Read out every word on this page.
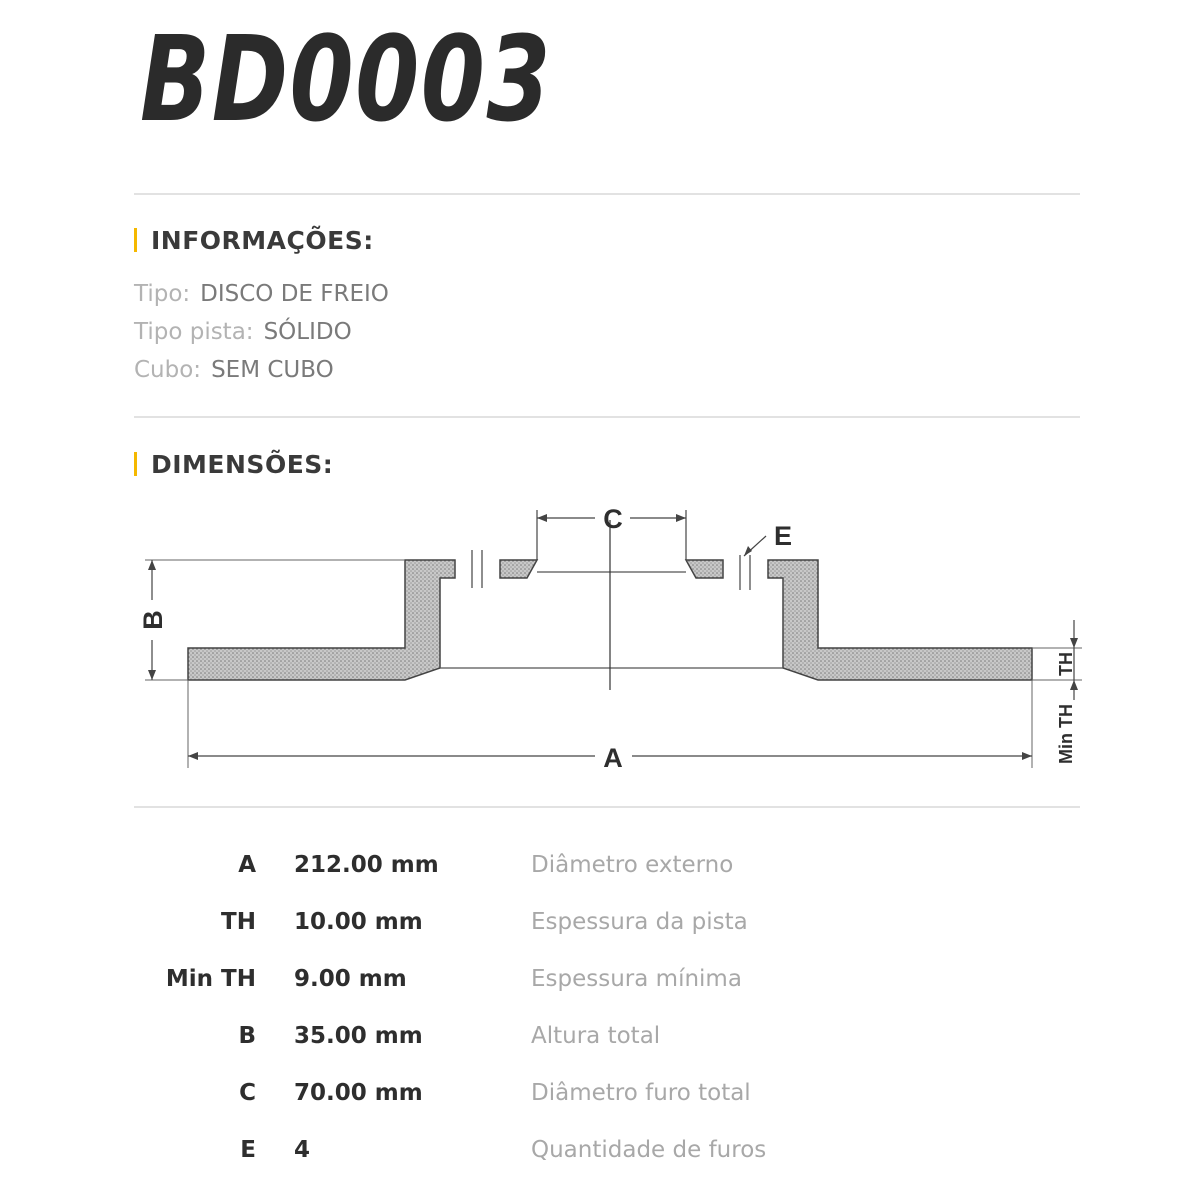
BD0003
INFORMAÇÕES:
Tipo: DISCO DE FREIO
Tipo pista: SÓLIDO
Cubo: SEM CUBO
DIMENSÕES:
C
E
B
A
TH
Min TH
A 212.00 mm	Diâmetro externo
TH 10.00 mm	Espessura da pista
Min TH 9.00 mm	Espessura mínima
B 35.00 mm	Altura total
C 70.00 mm	Diâmetro furo total
E 4	Quantidade de furos
